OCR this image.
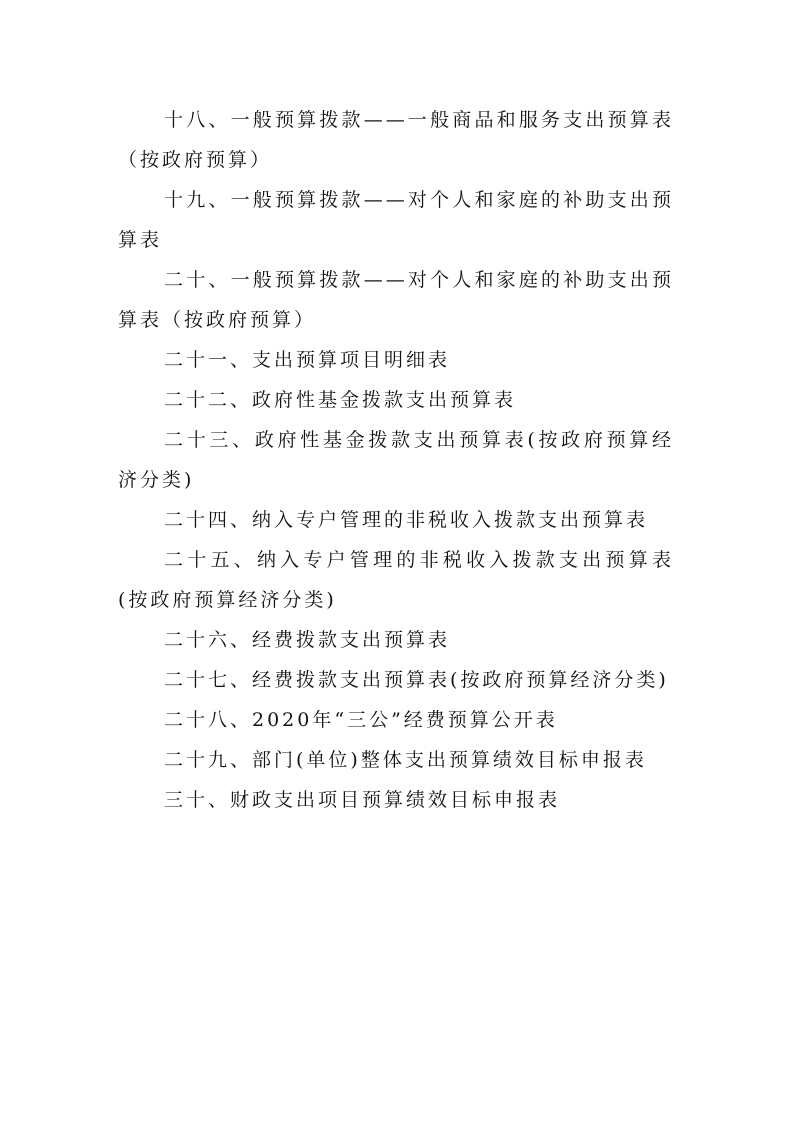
十八、一般预算拨款——一般商品和服务支出预算表（按政府预算）

十九、一般预算拨款——对个人和家庭的补助支出预算表

二十、一般预算拨款——对个人和家庭的补助支出预算表（按政府预算）

二十一、支出预算项目明细表

二十二、政府性基金拨款支出预算表

二十三、政府性基金拨款支出预算表(按政府预算经济分类)

二十四、纳入专户管理的非税收入拨款支出预算表

二十五、纳入专户管理的非税收入拨款支出预算表(按政府预算经济分类)

二十六、经费拨款支出预算表

二十七、经费拨款支出预算表(按政府预算经济分类)

二十八、2020年“三公”经费预算公开表

二十九、部门(单位)整体支出预算绩效目标申报表

三十、财政支出项目预算绩效目标申报表
